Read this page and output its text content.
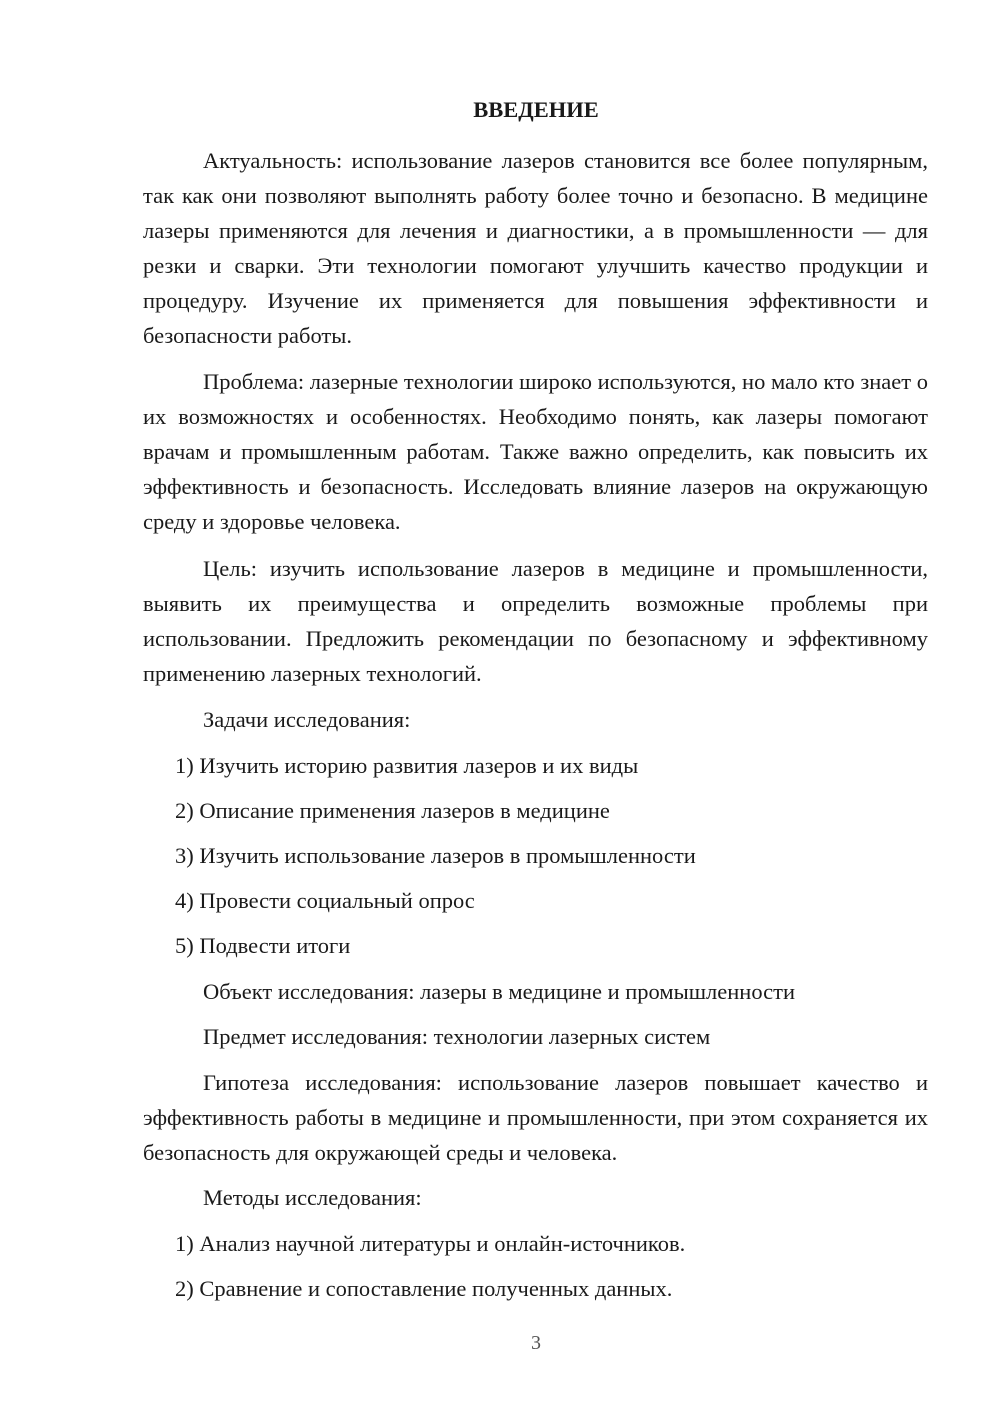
ВВЕДЕНИЕ

Актуальность: использование лазеров становится все более популярным, так как они позволяют выполнять работу более точно и безопасно. В медицине лазеры применяются для лечения и диагностики, а в промышленности — для резки и сварки. Эти технологии помогают улучшить качество продукции и процедуру. Изучение их применяется для повышения эффективности и безопасности работы.

Проблема: лазерные технологии широко используются, но мало кто знает о их возможностях и особенностях. Необходимо понять, как лазеры помогают врачам и промышленным работам. Также важно определить, как повысить их эффективность и безопасность. Исследовать влияние лазеров на окружающую среду и здоровье человека.

Цель: изучить использование лазеров в медицине и промышленности, выявить их преимущества и определить возможные проблемы при использовании. Предложить рекомендации по безопасному и эффективному применению лазерных технологий.

Задачи исследования:

1) Изучить историю развития лазеров и их виды

2) Описание применения лазеров в медицине

3) Изучить использование лазеров в промышленности

4) Провести социальный опрос

5) Подвести итоги

Объект исследования: лазеры в медицине и промышленности

Предмет исследования: технологии лазерных систем

Гипотеза исследования: использование лазеров повышает качество и эффективность работы в медицине и промышленности, при этом сохраняется их безопасность для окружающей среды и человека.

Методы исследования:

1) Анализ научной литературы и онлайн-источников.

2) Сравнение и сопоставление полученных данных.

3
